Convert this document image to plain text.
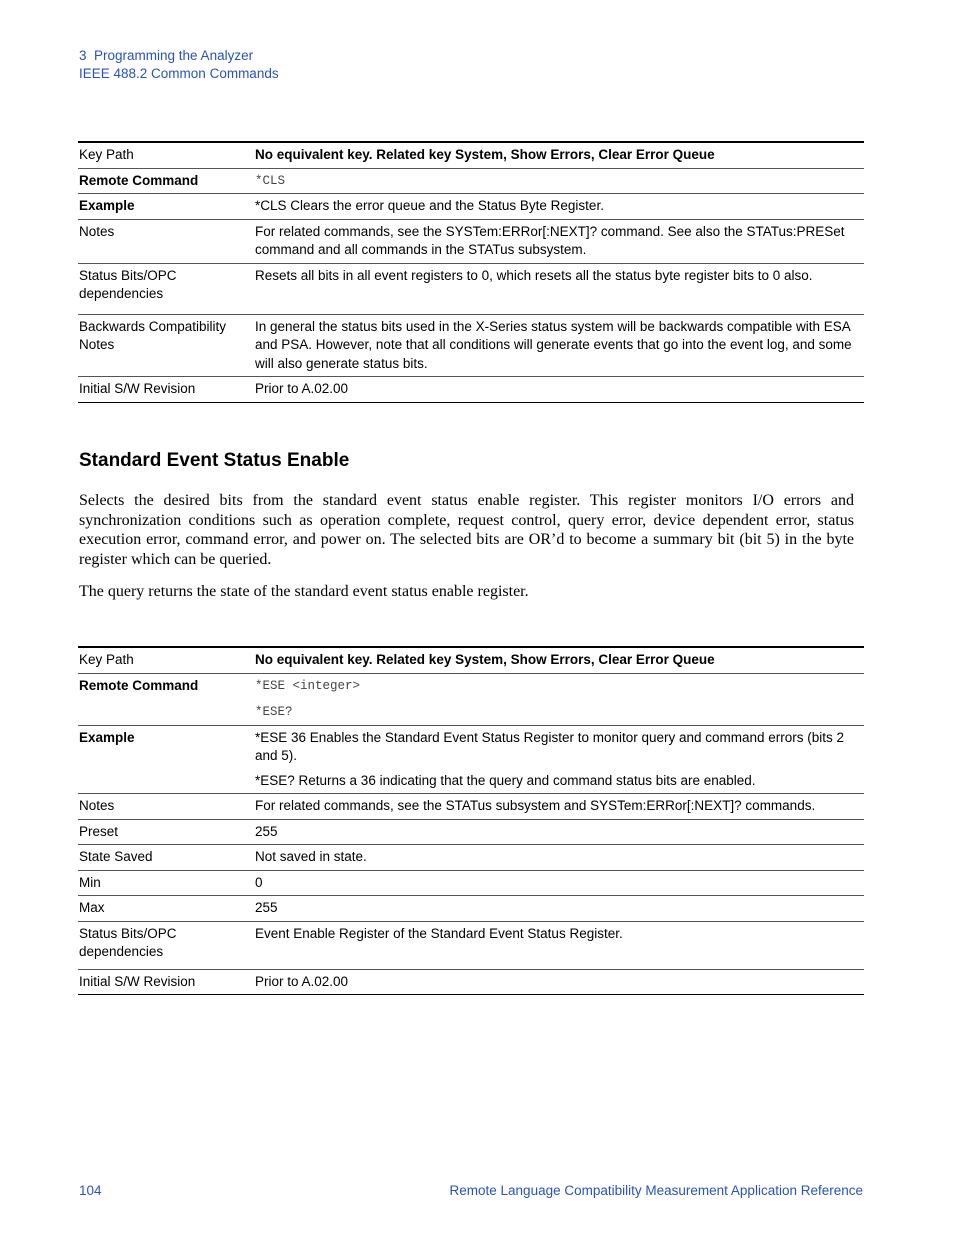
3  Programming the Analyzer
IEEE 488.2 Common Commands
Key Path	No equivalent key. Related key System, Show Errors, Clear Error Queue
Remote Command	*CLS
Example	*CLS Clears the error queue and the Status Byte Register.
Notes	For related commands, see the SYSTem:ERRor[:NEXT]? command. See also the STATus:PRESet command and all commands in the STATus subsystem.
Status Bits/OPC dependencies	Resets all bits in all event registers to 0, which resets all the status byte register bits to 0 also.
Backwards Compatibility Notes	In general the status bits used in the X-Series status system will be backwards compatible with ESA and PSA. However, note that all conditions will generate events that go into the event log, and some will also generate status bits.
Initial S/W Revision	Prior to A.02.00
Standard Event Status Enable

Selects the desired bits from the standard event status enable register. This register monitors I/O errors and synchronization conditions such as operation complete, request control, query error, device dependent error, status execution error, command error, and power on. The selected bits are OR’d to become a summary bit (bit 5) in the byte register which can be queried.

The query returns the state of the standard event status enable register.

Key Path	No equivalent key. Related key System, Show Errors, Clear Error Queue
Remote Command	*ESE <integer>
*ESE?

Example	*ESE 36 Enables the Standard Event Status Register to monitor query and command errors (bits 2 and 5).

*ESE? Returns a 36 indicating that the query and command status bits are enabled.

Notes	For related commands, see the STATus subsystem and SYSTem:ERRor[:NEXT]? commands.
Preset	255
State Saved	Not saved in state.
Min	0
Max	255
Status Bits/OPC dependencies	Event Enable Register of the Standard Event Status Register.
Initial S/W Revision	Prior to A.02.00
104	Remote Language Compatibility Measurement Application Reference
